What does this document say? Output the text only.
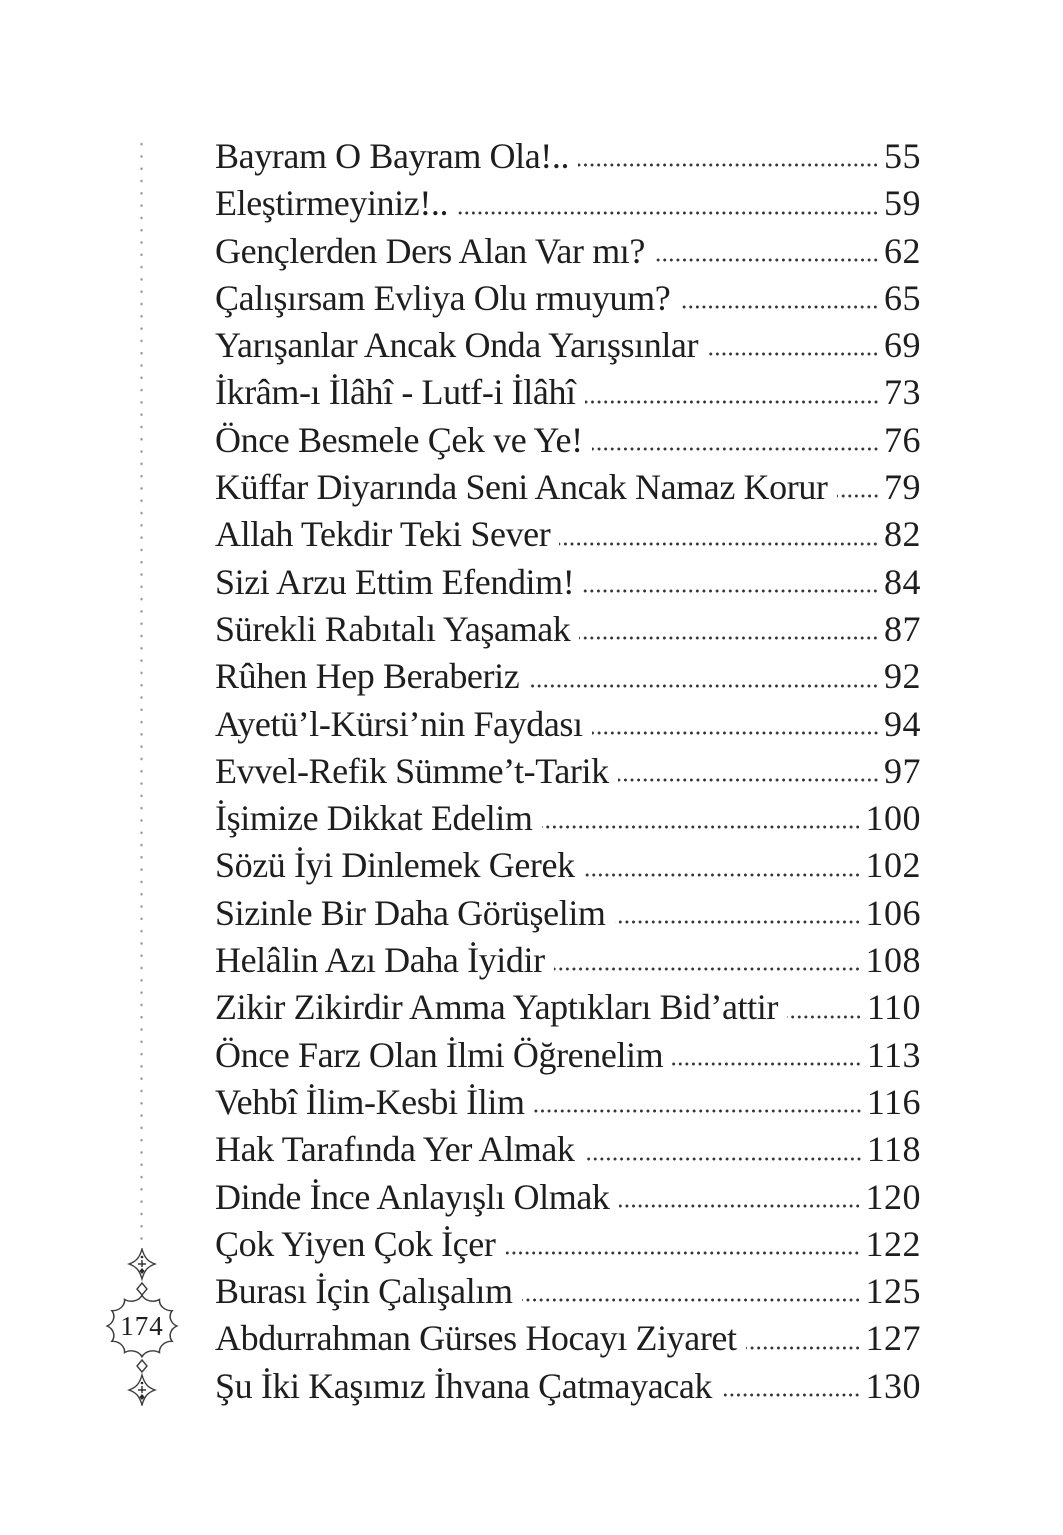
174
Bayram O Bayram Ola!..	55
Eleştirmeyiniz!..	59
Gençlerden Ders Alan Var mı?	62
Çalışırsam Evliya Olu rmuyum?	65
Yarışanlar Ancak Onda Yarışsınlar	69
İkrâm-ı İlâhî - Lutf-i İlâhî	73
Önce Besmele Çek ve Ye!	76
Küffar Diyarında Seni Ancak Namaz Korur 79
Allah Tekdir Teki Sever	82
Sizi Arzu Ettim Efendim!	84
Sürekli Rabıtalı Yaşamak	87
Rûhen Hep Beraberiz	92
Ayetü’l-Kürsi’nin Faydası	94
Evvel-Refik Sümme’t-Tarik	97
İşimize Dikkat Edelim	100
Sözü İyi Dinlemek Gerek	102
Sizinle Bir Daha Görüşelim	106
Helâlin Azı Daha İyidir	108
Zikir Zikirdir Amma Yaptıkları Bid’attir 110
Önce Farz Olan İlmi Öğrenelim	113
Vehbî İlim-Kesbi İlim	116
Hak Tarafında Yer Almak	118
Dinde İnce Anlayışlı Olmak	120
Çok Yiyen Çok İçer	122
Burası İçin Çalışalım	125
Abdurrahman Gürses Hocayı Ziyaret	127
Şu İki Kaşımız İhvana Çatmayacak	130
